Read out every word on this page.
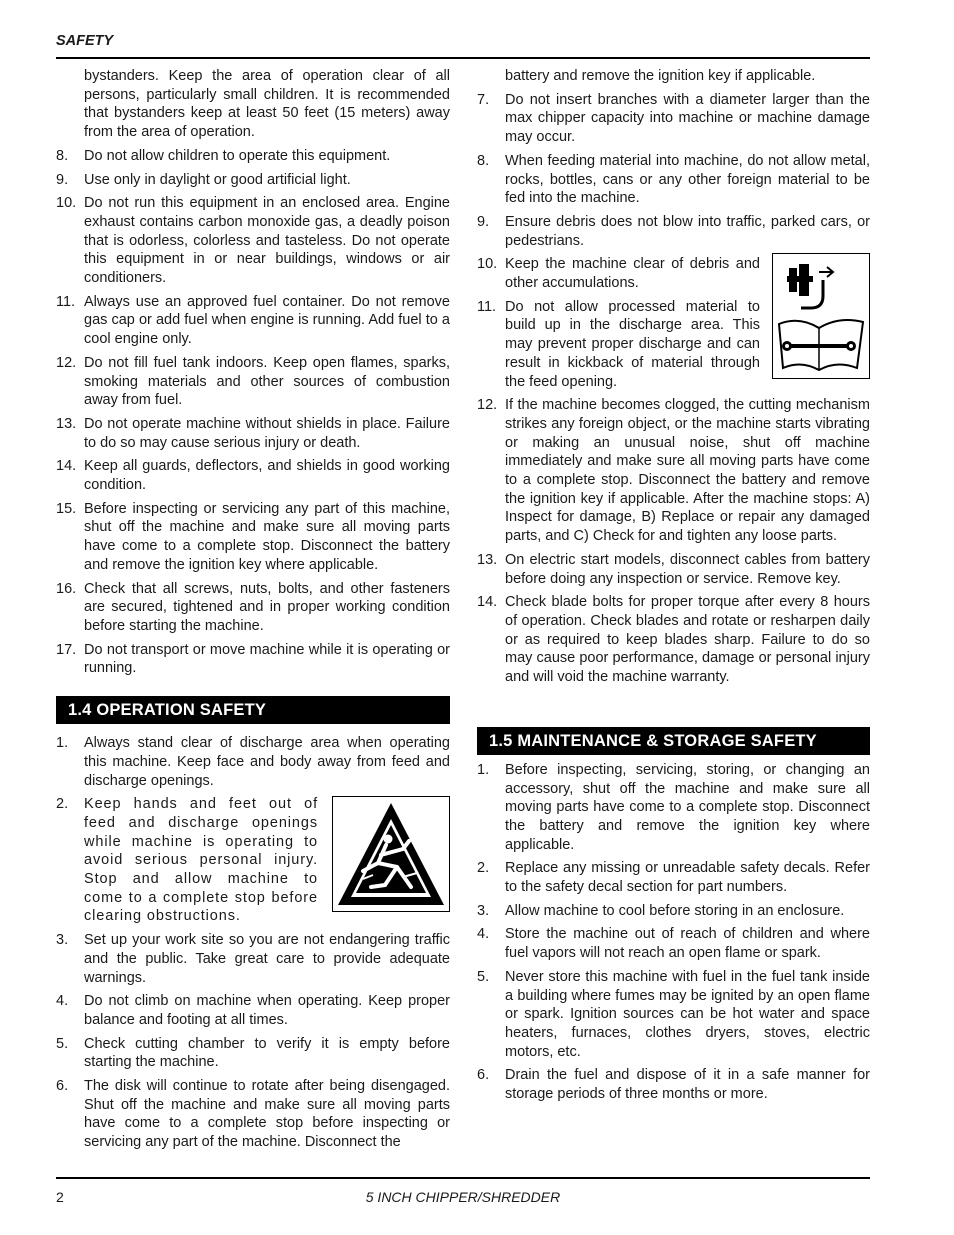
SAFETY
bystanders. Keep the area of operation clear of all persons, particularly small children. It is recommended that bystanders keep at least 50 feet (15 meters) away from the area of operation.
8.	Do not allow children to operate this equipment.
9.	Use only in daylight or good artificial light.
10. Do not run this equipment in an enclosed area. Engine exhaust contains carbon monoxide gas, a deadly poison that is odorless, colorless and tasteless. Do not operate this equipment in or near buildings, windows or air conditioners.
11. Always use an approved fuel container. Do not remove gas cap or add fuel when engine is running. Add fuel to a cool engine only.
12. Do not fill fuel tank indoors. Keep open flames, sparks, smoking materials and other sources of combustion away from fuel.
13. Do not operate machine without shields in place. Failure to do so may cause serious injury or death.
14. Keep all guards, deflectors, and shields in good working condition.
15. Before inspecting or servicing any part of this machine, shut off the machine and make sure all moving parts have come to a complete stop. Disconnect the battery and remove the ignition key where applicable.
16. Check that all screws, nuts, bolts, and other fasteners are secured, tightened and in proper working condition before starting the machine.
17. Do not transport or move machine while it is operating or running.
1.4 OPERATION SAFETY
1.	Always stand clear of discharge area when operating this machine. Keep face and body away from feed and discharge openings.
2.	Keep hands and feet out of feed and discharge openings while machine is operating to avoid serious personal injury. Stop and allow machine to come to a complete stop before clearing obstructions.
3.	Set up your work site so you are not endangering traffic and the public. Take great care to provide adequate warnings.
4.	Do not climb on machine when operating. Keep proper balance and footing at all times.
5.	Check cutting chamber to verify it is empty before starting the machine.
6.	The disk will continue to rotate after being disengaged. Shut off the machine and make sure all moving parts have come to a complete stop before inspecting or servicing any part of the machine. Disconnect the
battery and remove the ignition key if applicable.
7.	Do not insert branches with a diameter larger than the max chipper capacity into machine or machine damage may occur.
8.	When feeding material into machine, do not allow metal, rocks, bottles, cans or any other foreign material to be fed into the machine.
9.	Ensure debris does not blow into traffic, parked cars, or pedestrians.
10. Keep the machine clear of debris and other accumulations.
11. Do not allow processed material to build up in the discharge area. This may prevent proper discharge and can result in kickback of material through the feed opening.
12. If the machine becomes clogged, the cutting mechanism strikes any foreign object, or the machine starts vibrating or making an unusual noise, shut off machine immediately and make sure all moving parts have come to a complete stop. Disconnect the battery and remove the ignition key if applicable. After the machine stops: A) Inspect for damage, B) Replace or repair any damaged parts, and C) Check for and tighten any loose parts.
13. On electric start models, disconnect cables from battery before doing any inspection or service. Remove key.
14. Check blade bolts for proper torque after every 8 hours of operation. Check blades and rotate or resharpen daily or as required to keep blades sharp. Failure to do so may cause poor performance, damage or personal injury and will void the machine warranty.
1.5 MAINTENANCE & STORAGE SAFETY
1.	Before inspecting, servicing, storing, or changing an accessory, shut off the machine and make sure all moving parts have come to a complete stop. Disconnect the battery and remove the ignition key where applicable.
2.	Replace any missing or unreadable safety decals. Refer to the safety decal section for part numbers.
3.	Allow machine to cool before storing in an enclosure.
4.	Store the machine out of reach of children and where fuel vapors will not reach an open flame or spark.
5.	Never store this machine with fuel in the fuel tank inside a building where fumes may be ignited by an open flame or spark. Ignition sources can be hot water and space heaters, furnaces, clothes dryers, stoves, electric motors, etc.
6.	Drain the fuel and dispose of it in a safe manner for storage periods of three months or more.
2	5 INCH CHIPPER/SHREDDER
